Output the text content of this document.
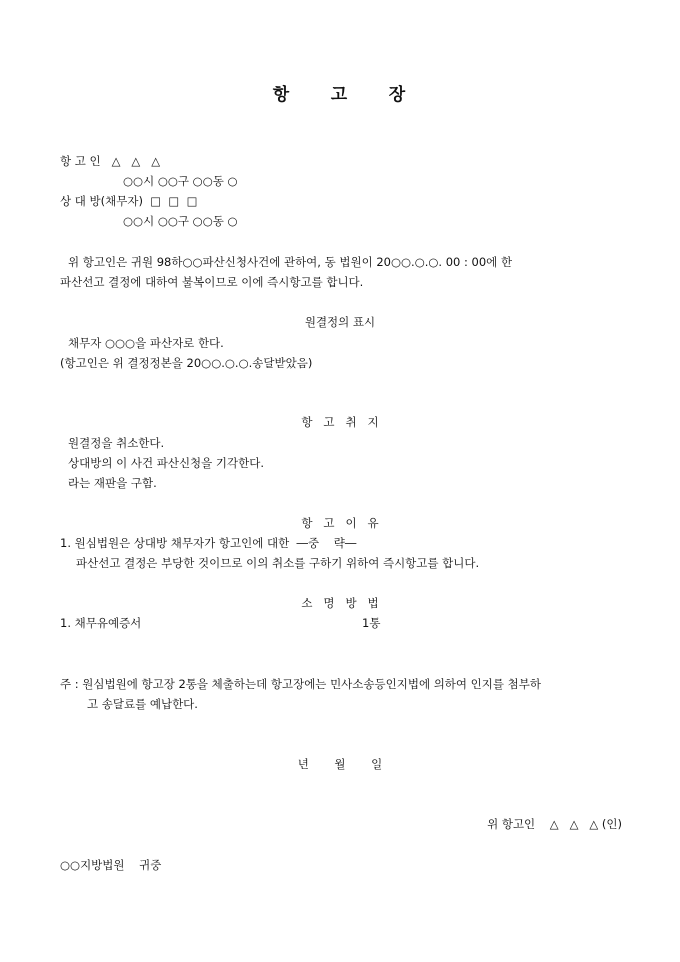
항     고     장
항 고 인   △   △   △
○○시 ○○구 ○○동 ○
상 대 방(채무자)  □  □  □
○○시 ○○구 ○○동 ○
위 항고인은 귀원 98하○○파산신청사건에 관하여, 동 법원이 20○○.○.○. 00 : 00에 한
파산선고 결정에 대하여 불복이므로 이에 즉시항고를 합니다.
원결정의 표시
채무자 ○○○을 파산자로 한다.
(항고인은 위 결정정본을 20○○.○.○.송달받았음)
항   고   취   지
원결정을 취소한다.
상대방의 이 사건 파산신청을 기각한다.
라는 재판을 구함.
항   고   이   유
1. 원심법원은 상대방 채무자가 항고인에 대한  ―중    략―
파산선고 결정은 부당한 것이므로 이의 취소를 구하기 위하여 즉시항고를 합니다.
소   명   방   법
1. 채무유예증서	1통
주 : 원심법원에 항고장 2통을 체출하는데 항고장에는 민사소송등인지법에 의하여 인지를 첨부하
고 송달료를 예납한다.
년       월       일
위 항고인    △   △   △ (인)
○○지방법원    귀중
